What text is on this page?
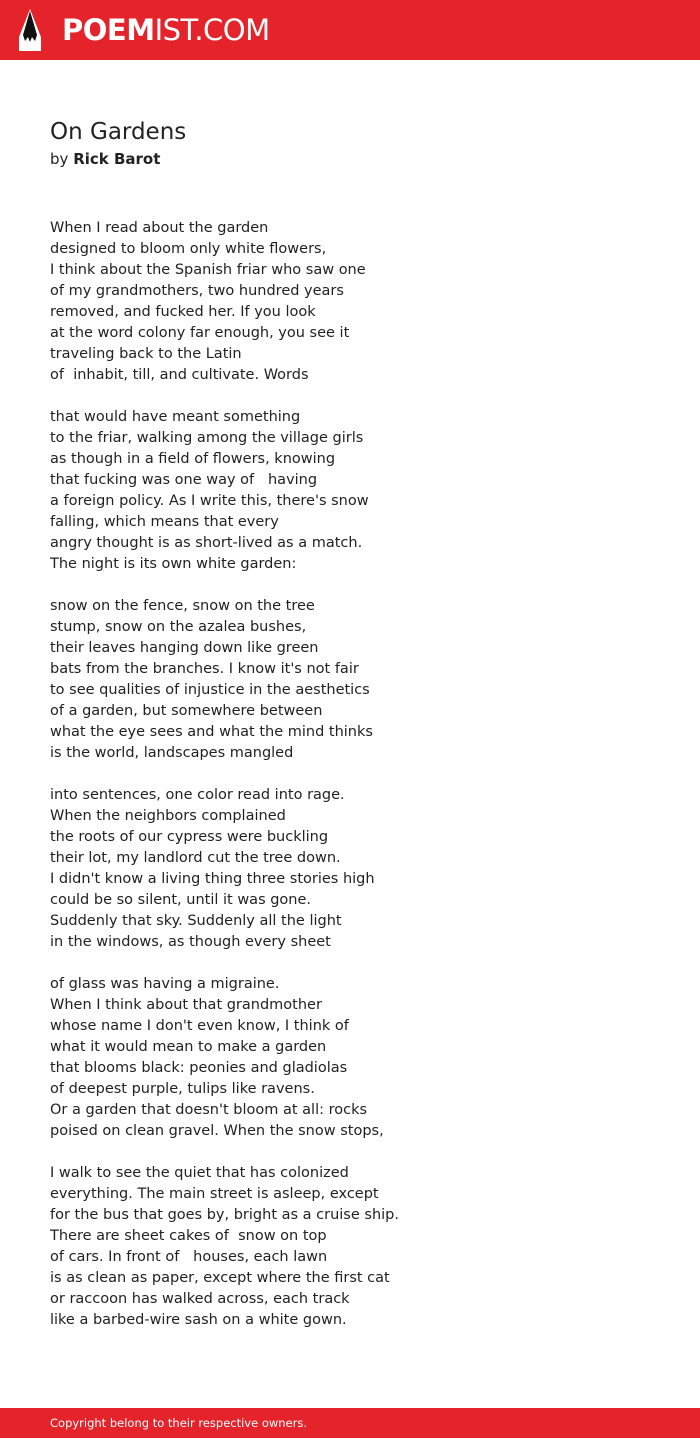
POEMIST.COM
On Gardens
by Rick Barot
When I read about the garden
designed to bloom only white flowers,
I think about the Spanish friar who saw one
of my grandmothers, two hundred years
removed, and fucked her. If you look
at the word colony far enough, you see it
traveling back to the Latin
of  inhabit, till, and cultivate. Words
that would have meant something
to the friar, walking among the village girls
as though in a field of flowers, knowing
that fucking was one way of   having
a foreign policy. As I write this, there's snow
falling, which means that every
angry thought is as short-lived as a match.
The night is its own white garden:
snow on the fence, snow on the tree
stump, snow on the azalea bushes,
their leaves hanging down like green
bats from the branches. I know it's not fair
to see qualities of injustice in the aesthetics
of a garden, but somewhere between
what the eye sees and what the mind thinks
is the world, landscapes mangled
into sentences, one color read into rage.
When the neighbors complained
the roots of our cypress were buckling
their lot, my landlord cut the tree down.
I didn't know a living thing three stories high
could be so silent, until it was gone.
Suddenly that sky. Suddenly all the light
in the windows, as though every sheet
of glass was having a migraine.
When I think about that grandmother
whose name I don't even know, I think of
what it would mean to make a garden
that blooms black: peonies and gladiolas
of deepest purple, tulips like ravens.
Or a garden that doesn't bloom at all: rocks
poised on clean gravel. When the snow stops,
I walk to see the quiet that has colonized
everything. The main street is asleep, except
for the bus that goes by, bright as a cruise ship.
There are sheet cakes of  snow on top
of cars. In front of   houses, each lawn
is as clean as paper, except where the first cat
or raccoon has walked across, each track
like a barbed-wire sash on a white gown.
Copyright belong to their respective owners.
